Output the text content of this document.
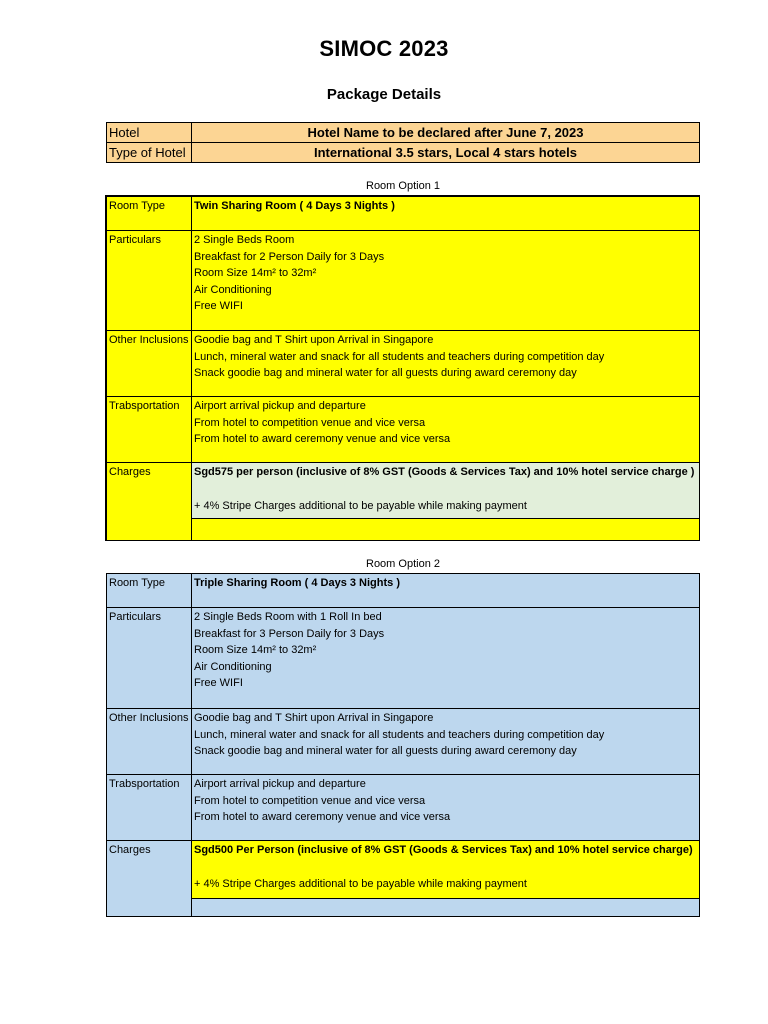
SIMOC 2023
Package Details
Hotel	Hotel Name to be declared after June 7, 2023
Type of Hotel	International 3.5 stars, Local 4 stars hotels
Room Option 1
Room Type	Twin Sharing Room ( 4 Days 3 Nights )
Particulars	2 Single Beds Room
Breakfast for 2 Person Daily for 3 Days
Room Size 14m² to 32m²
Air Conditioning
Free WIFI

Other Inclusions	Goodie bag and T Shirt upon Arrival in Singapore
Lunch, mineral water and snack for all students and teachers during competition day
Snack goodie bag and mineral water for all guests during award ceremony day

Trabsportation	Airport arrival pickup and departure
From hotel to competition venue and vice versa
From hotel to award ceremony venue and vice versa

Charges	Sgd575 per person (inclusive of 8% GST (Goods & Services Tax) and 10% hotel service charge )
+ 4% Stripe Charges additional to be payable while making payment

Room Option 2
Room Type	Triple Sharing Room ( 4 Days 3 Nights )
Particulars	2 Single Beds Room with 1 Roll In bed
Breakfast for 3 Person Daily for 3 Days
Room Size 14m² to 32m²
Air Conditioning
Free WIFI

Other Inclusions	Goodie bag and T Shirt upon Arrival in Singapore
Lunch, mineral water and snack for all students and teachers during competition day
Snack goodie bag and mineral water for all guests during award ceremony day

Trabsportation	Airport arrival pickup and departure
From hotel to competition venue and vice versa
From hotel to award ceremony venue and vice versa

Charges	Sgd500 Per Person (inclusive of 8% GST (Goods & Services Tax) and 10% hotel service charge)
+ 4% Stripe Charges additional to be payable while making payment
